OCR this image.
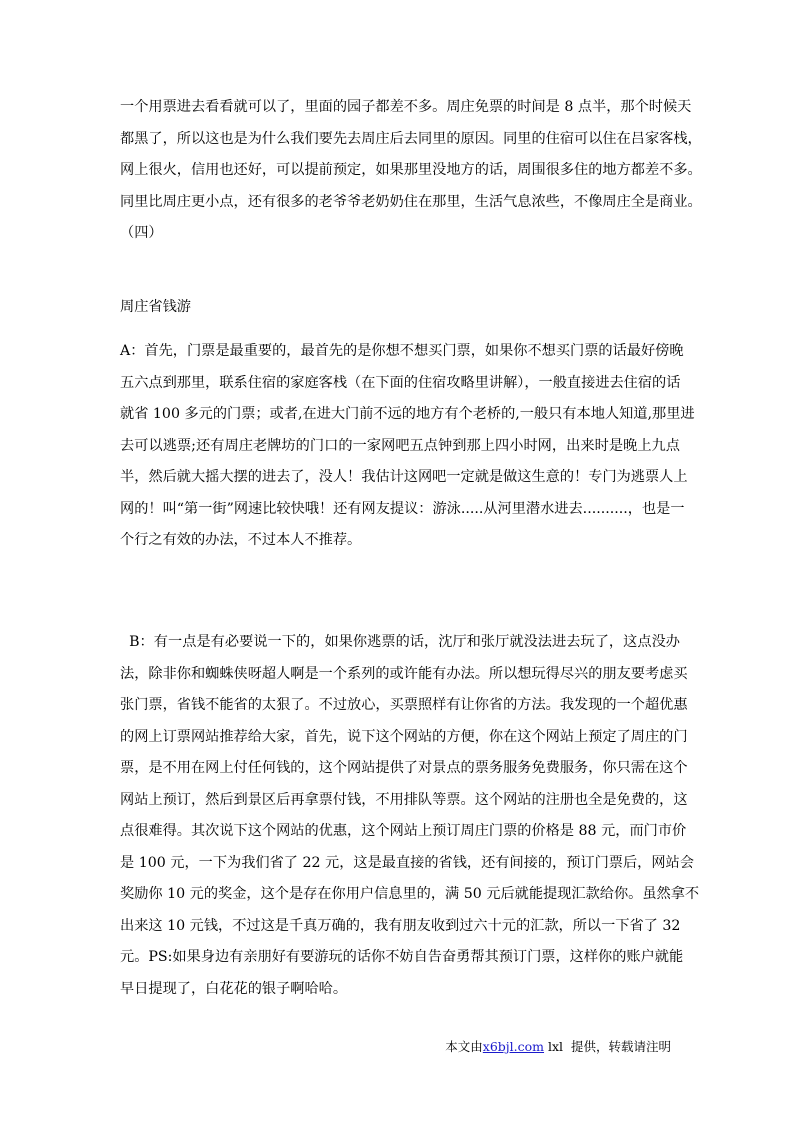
一个用票进去看看就可以了，里面的园子都差不多。周庄免票的时间是 8 点半，那个时候天
都黑了，所以这也是为什么我们要先去周庄后去同里的原因。同里的住宿可以住在吕家客栈，
网上很火，信用也还好，可以提前预定，如果那里没地方的话，周围很多住的地方都差不多。
同里比周庄更小点，还有很多的老爷爷老奶奶住在那里，生活气息浓些，不像周庄全是商业。
（四）
周庄省钱游
A：首先，门票是最重要的，最首先的是你想不想买门票，如果你不想买门票的话最好傍晚
五六点到那里，联系住宿的家庭客栈（在下面的住宿攻略里讲解），一般直接进去住宿的话
就省 100 多元的门票；或者,在进大门前不远的地方有个老桥的,一般只有本地人知道,那里进
去可以逃票;还有周庄老牌坊的门口的一家网吧五点钟到那上四小时网，出来时是晚上九点
半，然后就大摇大摆的进去了，没人！我估计这网吧一定就是做这生意的！专门为逃票人上
网的！叫“第一街”网速比较快哦！还有网友提议：游泳.....从河里潜水进去..........，也是一
个行之有效的办法，不过本人不推荐。
B：有一点是有必要说一下的，如果你逃票的话，沈厅和张厅就没法进去玩了，这点没办
法，除非你和蜘蛛侠呀超人啊是一个系列的或许能有办法。所以想玩得尽兴的朋友要考虑买
张门票，省钱不能省的太狠了。不过放心，买票照样有让你省的方法。我发现的一个超优惠
的网上订票网站推荐给大家，首先，说下这个网站的方便，你在这个网站上预定了周庄的门
票，是不用在网上付任何钱的，这个网站提供了对景点的票务服务免费服务，你只需在这个
网站上预订，然后到景区后再拿票付钱，不用排队等票。这个网站的注册也全是免费的，这
点很难得。其次说下这个网站的优惠，这个网站上预订周庄门票的价格是 88 元，而门市价
是 100 元，一下为我们省了 22 元，这是最直接的省钱，还有间接的，预订门票后，网站会
奖励你 10 元的奖金，这个是存在你用户信息里的，满 50 元后就能提现汇款给你。虽然拿不
出来这 10 元钱，不过这是千真万确的，我有朋友收到过六十元的汇款，所以一下省了 32
元。PS:如果身边有亲朋好有要游玩的话你不妨自告奋勇帮其预订门票，这样你的账户就能
早日提现了，白花花的银子啊哈哈。
本文由x6bjl.com lxl  提供，转载请注明
